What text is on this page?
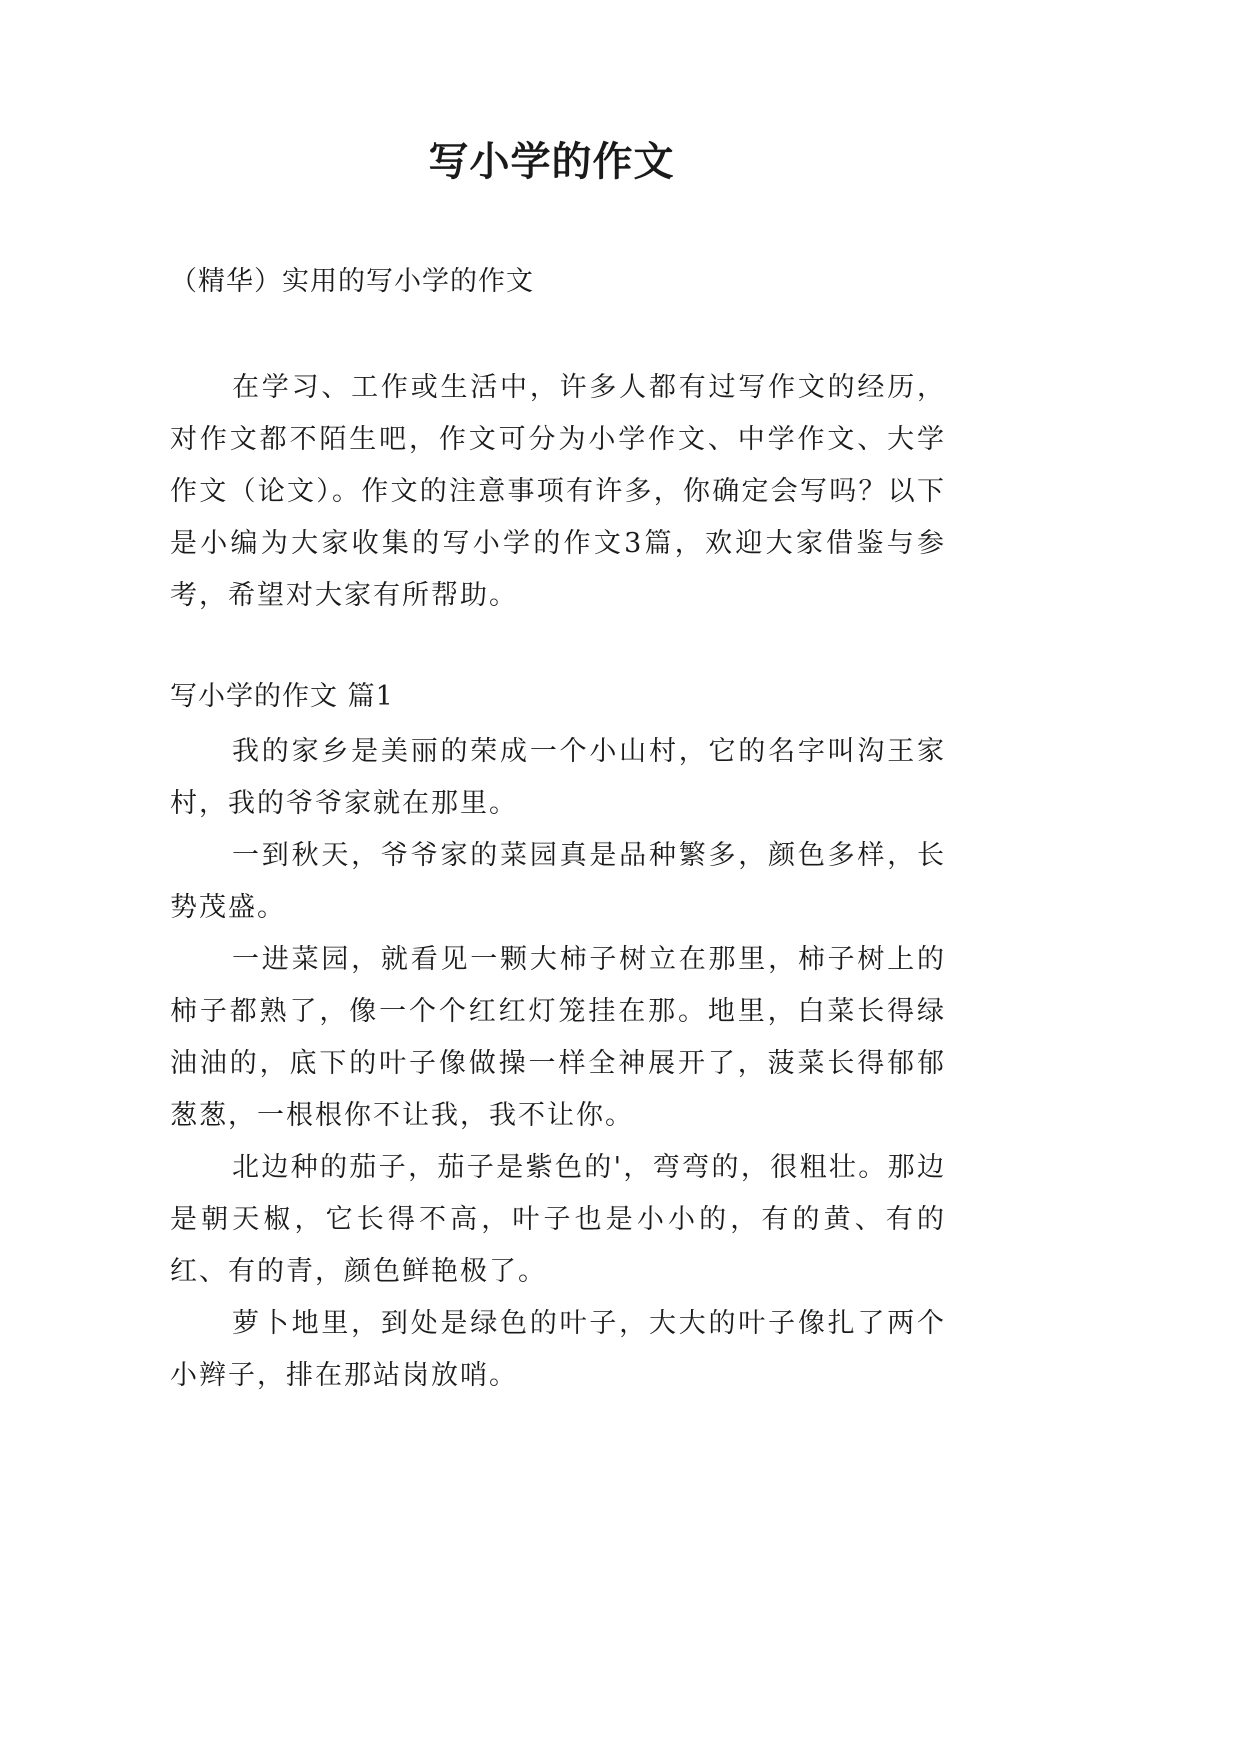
写小学的作文
（精华）实用的写小学的作文

在学习、工作或生活中，许多人都有过写作文的经历，对作文都不陌生吧，作文可分为小学作文、中学作文、大学作文（论文）。作文的注意事项有许多，你确定会写吗？以下是小编为大家收集的写小学的作文3篇，欢迎大家借鉴与参考，希望对大家有所帮助。

写小学的作文 篇1

我的家乡是美丽的荣成一个小山村，它的名字叫沟王家村，我的爷爷家就在那里。

一到秋天，爷爷家的菜园真是品种繁多，颜色多样，长势茂盛。

一进菜园，就看见一颗大柿子树立在那里，柿子树上的柿子都熟了，像一个个红红灯笼挂在那。地里，白菜长得绿油油的，底下的叶子像做操一样全神展开了，菠菜长得郁郁葱葱，一根根你不让我，我不让你。

北边种的茄子，茄子是紫色的'，弯弯的，很粗壮。那边是朝天椒，它长得不高，叶子也是小小的，有的黄、有的红、有的青，颜色鲜艳极了。

萝卜地里，到处是绿色的叶子，大大的叶子像扎了两个小辫子，排在那站岗放哨。
